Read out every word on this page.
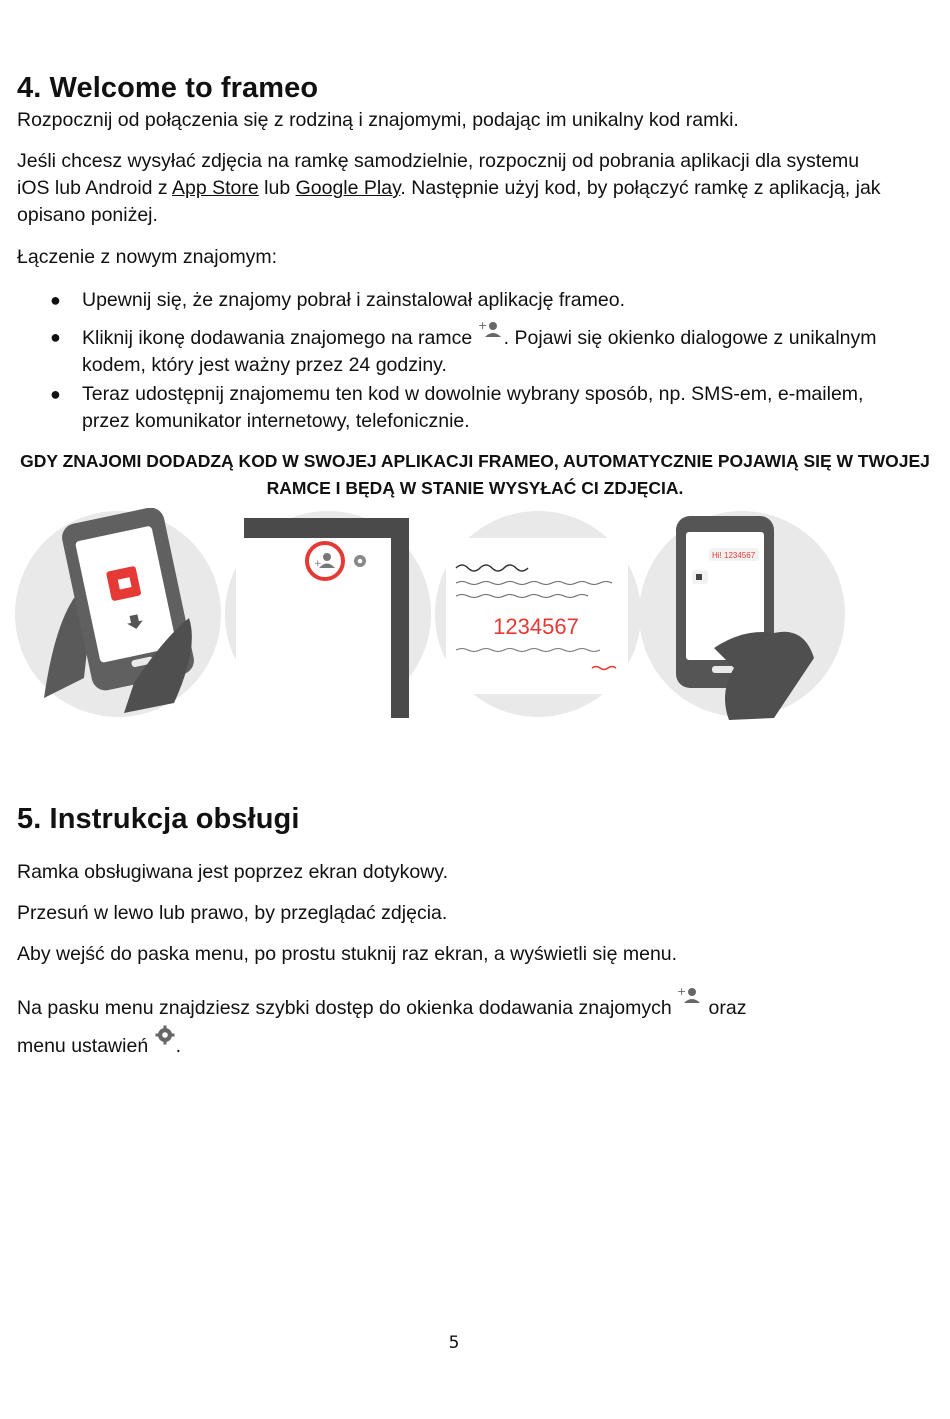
4. Welcome to frameo

Rozpocznij od połączenia się z rodziną i znajomymi, podając im unikalny kod ramki.

Jeśli chcesz wysyłać zdjęcia na ramkę samodzielnie, rozpocznij od pobrania aplikacji dla systemu iOS lub Android z App Store lub Google Play. Następnie użyj kod, by połączyć ramkę z aplikacją, jak opisano poniżej.

Łączenie z nowym znajomym:

● Upewnij się, że znajomy pobrał i zainstalował aplikację frameo.
● Kliknij ikonę dodawania znajomego na ramce
+
. Pojawi się okienko dialogowe z unikalnym kodem, który jest ważny przez 24 godziny.
● Teraz udostępnij znajomemu ten kod w dowolnie wybrany sposób, np. SMS-em, e-mailem, przez komunikator internetowy, telefonicznie.
GDY ZNAJOMI DODADZĄ KOD W SWOJEJ APLIKACJI FRAMEO, AUTOMATYCZNIE POJAWIĄ SIĘ W TWOJEJ RAMCE I BĘDĄ W STANIE WYSYŁAĆ CI ZDJĘCIA.
+
1234567
Hi! 1234567
5. Instrukcja obsługi

Ramka obsługiwana jest poprzez ekran dotykowy.

Przesuń w lewo lub prawo, by przeglądać zdjęcia.

Aby wejść do paska menu, po prostu stuknij raz ekran, a wyświetli się menu.

Na pasku menu znajdziesz szybki dostęp do okienka dodawania znajomych
+
oraz

menu ustawień .

5
